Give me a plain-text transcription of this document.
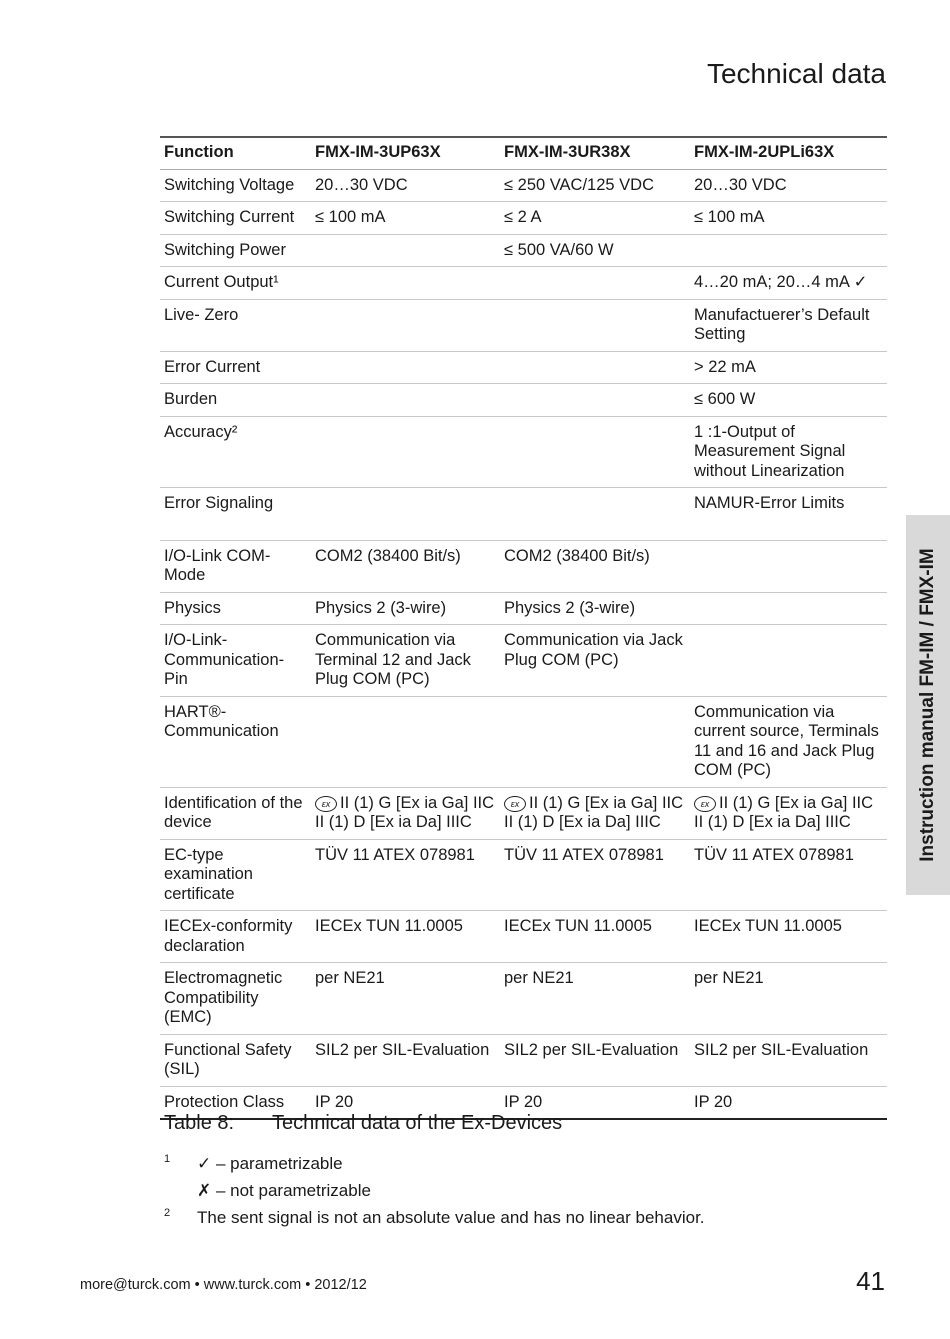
Technical data
Instruction manual FM-IM / FMX-IM
Function	FMX-IM-3UP63X	FMX-IM-3UR38X	FMX-IM-2UPLi63X
Switching Voltage	20…30 VDC	≤ 250 VAC/125 VDC	20…30 VDC
Switching Current	≤ 100 mA	≤ 2 A	≤ 100 mA
Switching Power		≤ 500 VA/60 W	
Current Output¹			4…20 mA; 20…4 mA ✓
Live- Zero			Manufactuerer’s Default Setting
Error Current			> 22 mA
Burden			≤ 600 W
Accuracy²			1 :1-Output of Measurement Signal without Linearization
Error Signaling			NAMUR-Error Limits
I/O-Link COM-Mode	COM2 (38400 Bit/s)	COM2 (38400 Bit/s)	
Physics	Physics 2 (3-wire)	Physics 2 (3-wire)	
I/O-Link-Communication-Pin	Communication via Terminal 12 and Jack Plug COM (PC)	Communication via Jack Plug COM (PC)	
HART®-Communication			Communication via current source, Terminals 11 and 16 and Jack Plug COM (PC)
Identification of the device	εx II (1) G [Ex ia Ga] IIC II (1) D [Ex ia Da] IIIC	εx II (1) G [Ex ia Ga] IIC II (1) D [Ex ia Da] IIIC	εx II (1) G [Ex ia Ga] IIC II (1) D [Ex ia Da] IIIC
EC-type examination certificate	TÜV 11 ATEX 078981	TÜV 11 ATEX 078981	TÜV 11 ATEX 078981
IECEx-conformity declaration	IECEx TUN 11.0005	IECEx TUN 11.0005	IECEx TUN 11.0005
Electromagnetic Compatibility (EMC)	per NE21	per NE21	per NE21
Functional Safety (SIL)	SIL2 per SIL-Evaluation	SIL2 per SIL-Evaluation	SIL2 per SIL-Evaluation
Protection Class	IP 20	IP 20	IP 20
Table 8: Technical data of the Ex-Devices
1 ✓ – parametrizable
✗ – not parametrizable
2 The sent signal is not an absolute value and has no linear behavior.
more@turck.com • www.turck.com • 2012/12	41
